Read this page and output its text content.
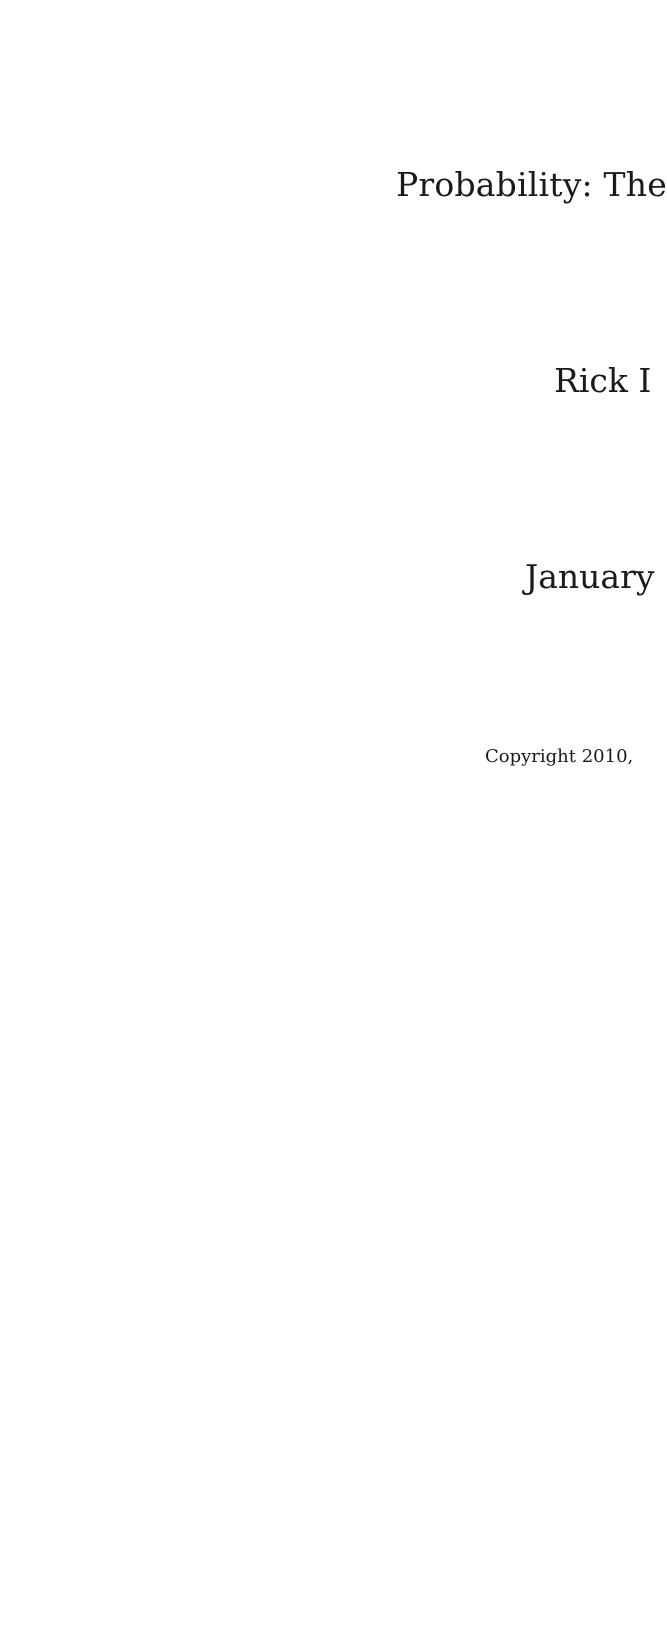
Probability: The
Rick I
January
Copyright 2010,
